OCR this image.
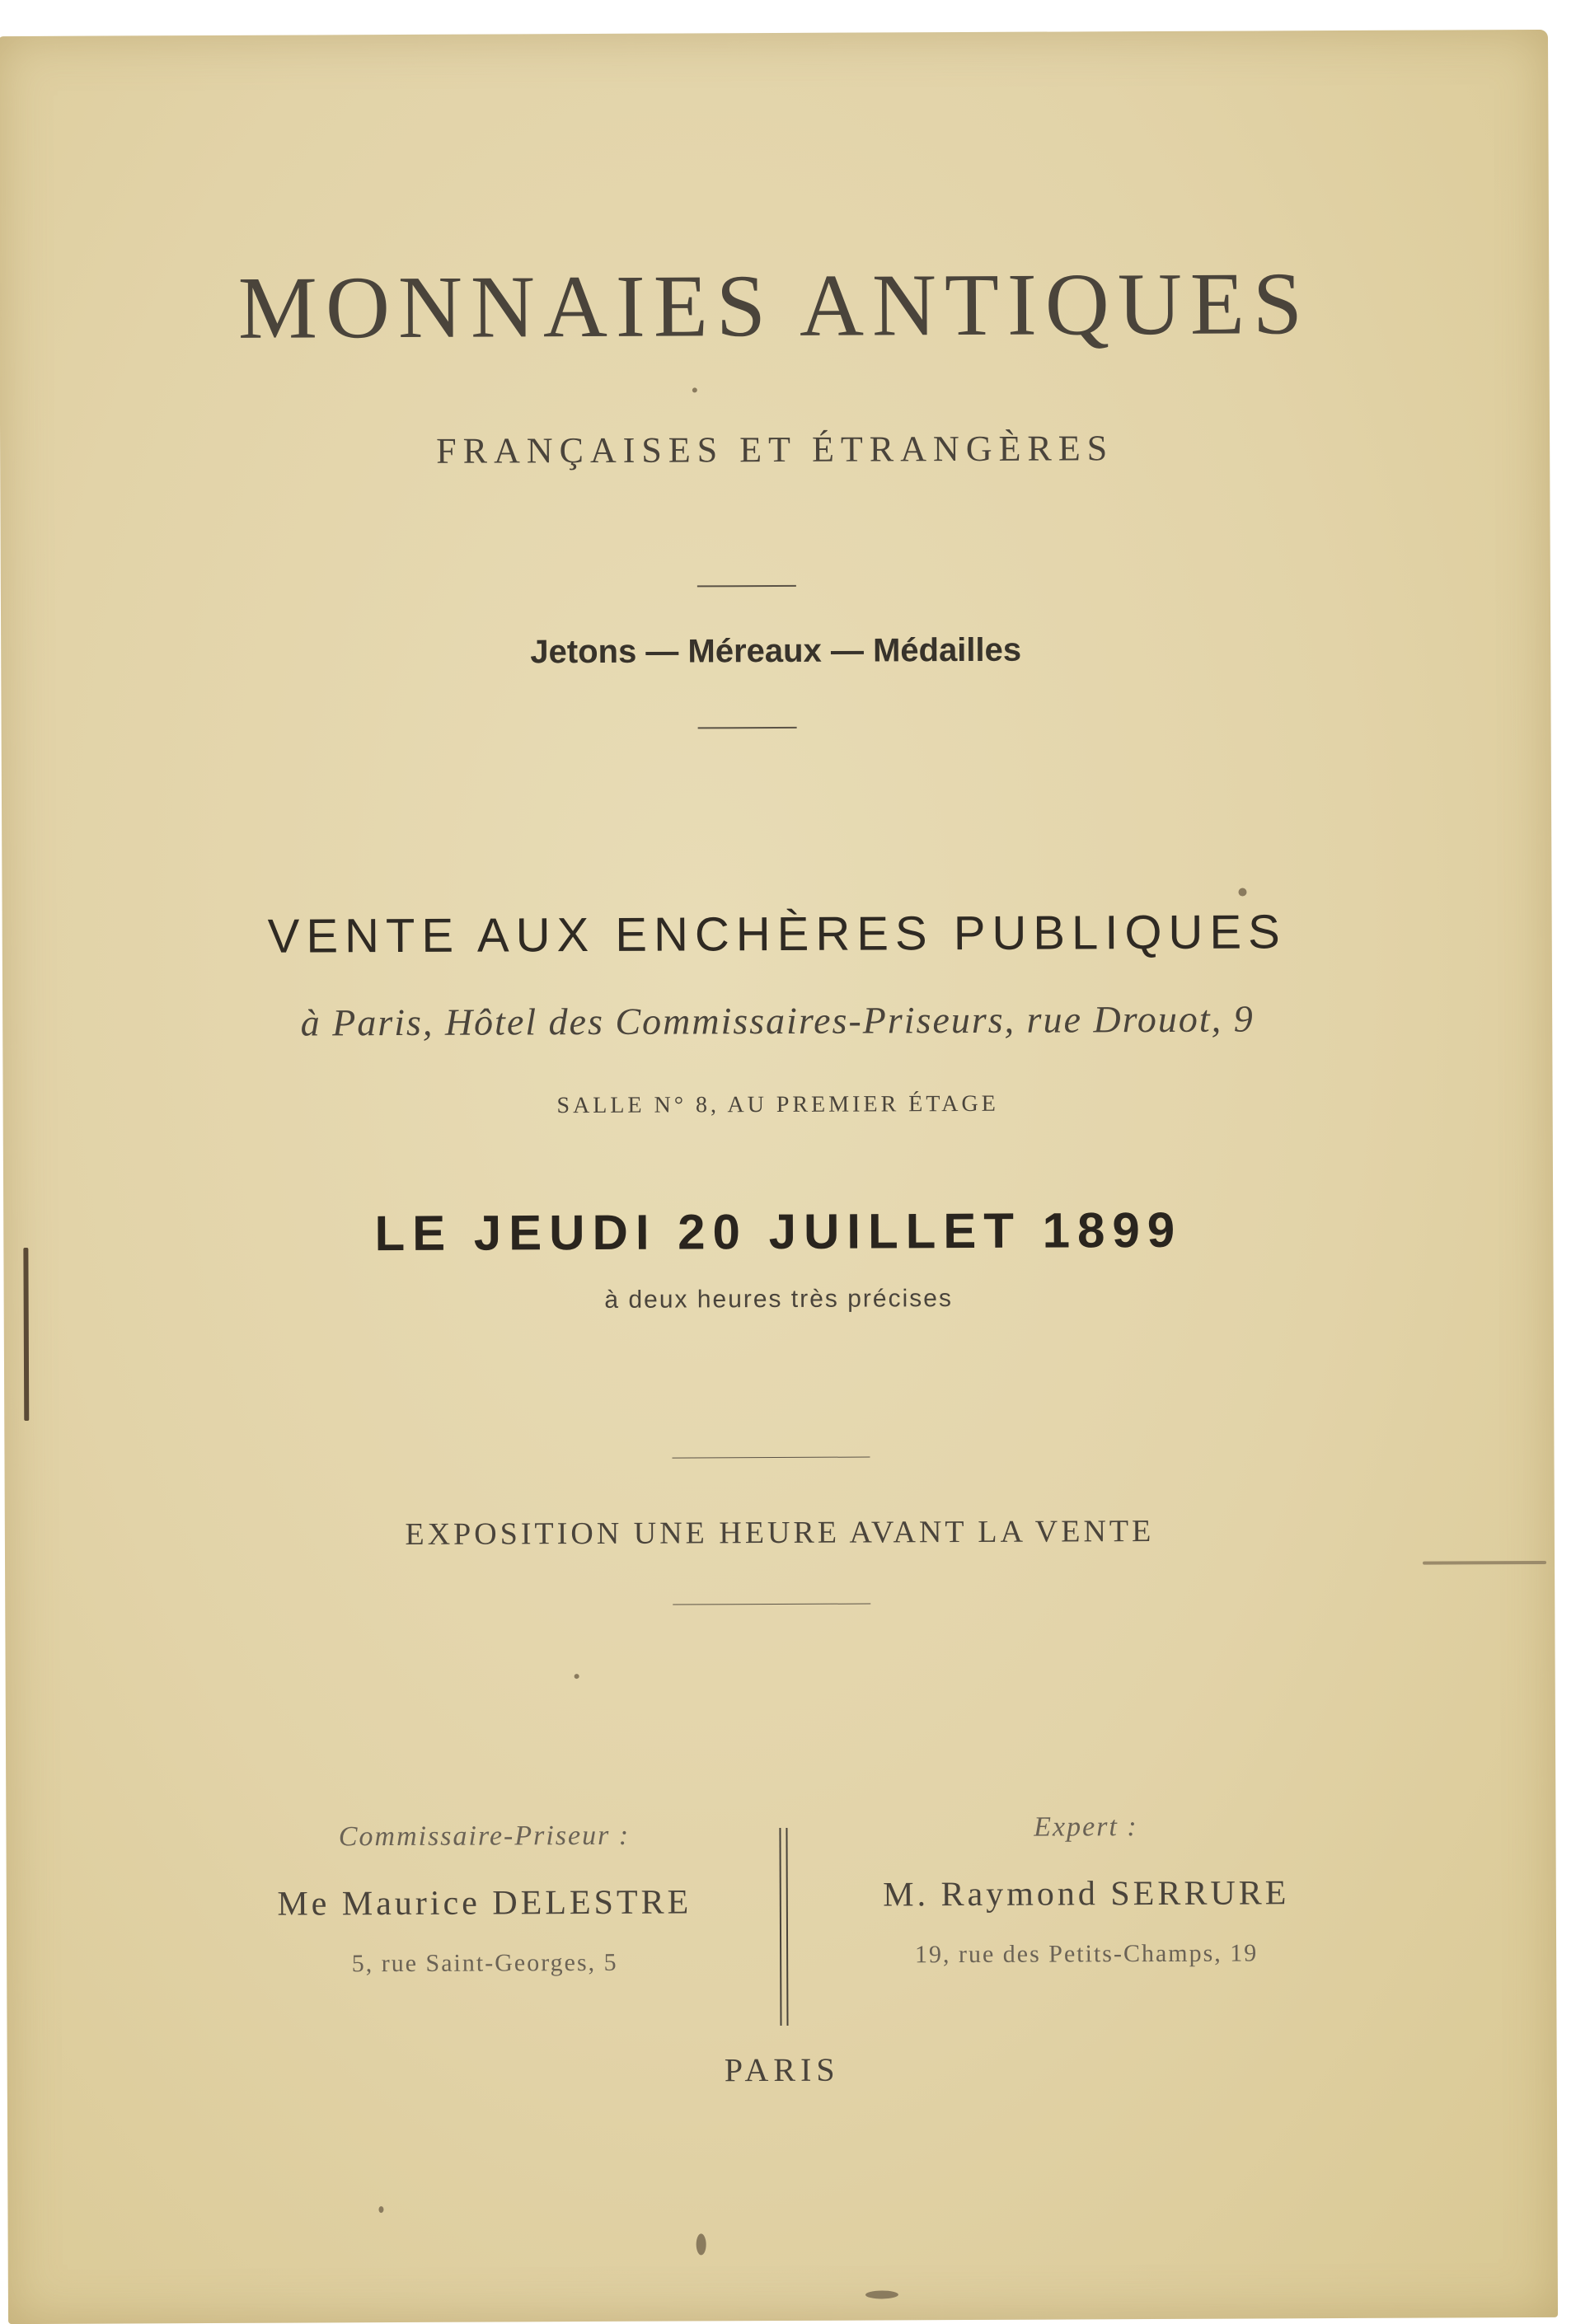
MONNAIES ANTIQUES
FRANÇAISES ET ÉTRANGÈRES
Jetons — Méreaux — Médailles
VENTE AUX ENCHÈRES PUBLIQUES
à Paris, Hôtel des Commissaires-Priseurs, rue Drouot, 9
SALLE N° 8, AU PREMIER ÉTAGE
LE JEUDI 20 JUILLET 1899
à deux heures très précises
EXPOSITION UNE HEURE AVANT LA VENTE
Commissaire-Priseur :
Me Maurice DELESTRE
5, rue Saint-Georges, 5
Expert :
M. Raymond SERRURE
19, rue des Petits-Champs, 19
PARIS
